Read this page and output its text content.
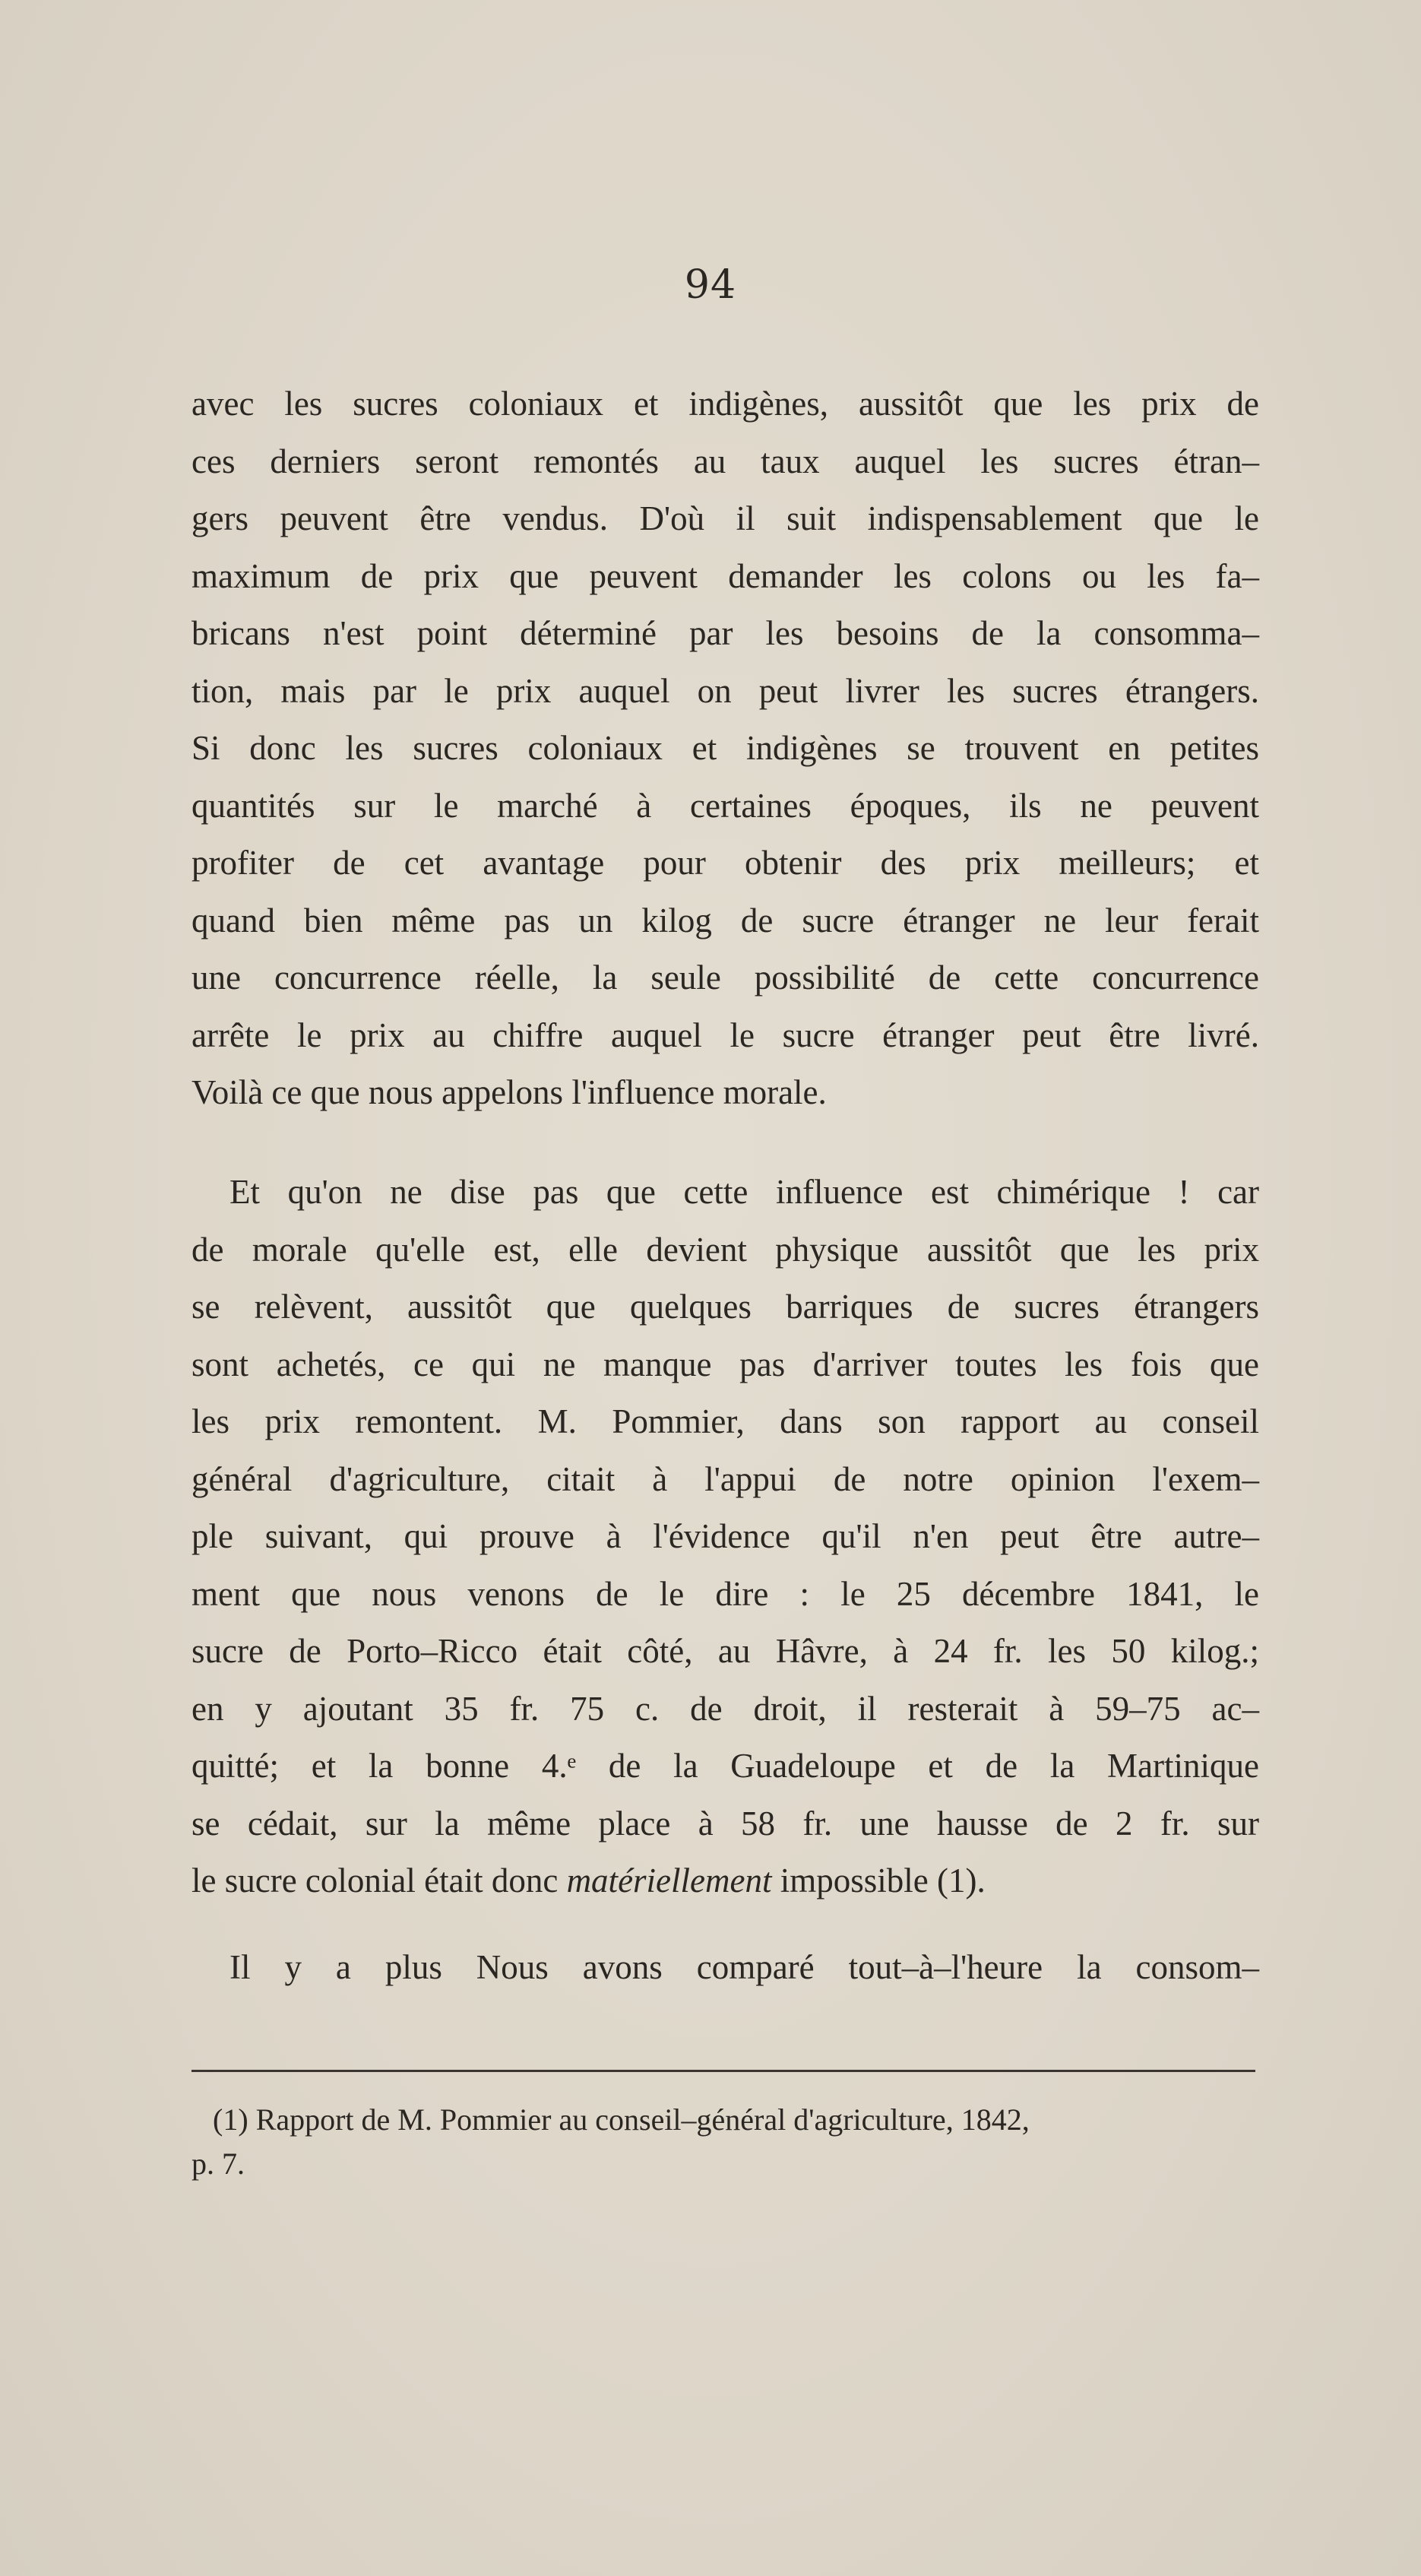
94
avec les sucres coloniaux et indigènes, aussitôt que les prix de
ces derniers seront remontés au taux auquel les sucres étran–
gers peuvent être vendus. D'où il suit indispensablement que le
maximum de prix que peuvent demander les colons ou les fa–
bricans n'est point déterminé par les besoins de la consomma–
tion, mais par le prix auquel on peut livrer les sucres étrangers.
Si donc les sucres coloniaux et indigènes se trouvent en petites
quantités sur le marché à certaines époques, ils ne peuvent
profiter de cet avantage pour obtenir des prix meilleurs; et
quand bien même pas un kilog de sucre étranger ne leur ferait
une concurrence réelle, la seule possibilité de cette concurrence
arrête le prix au chiffre auquel le sucre étranger peut être livré.
Voilà ce que nous appelons l'influence morale.
Et qu'on ne dise pas que cette influence est chimérique ! car
de morale qu'elle est, elle devient physique aussitôt que les prix
se relèvent, aussitôt que quelques barriques de sucres étrangers
sont achetés, ce qui ne manque pas d'arriver toutes les fois que
les prix remontent. M. Pommier, dans son rapport au conseil
général d'agriculture, citait à l'appui de notre opinion l'exem–
ple suivant, qui prouve à l'évidence qu'il n'en peut être autre–
ment que nous venons de le dire : le 25 décembre 1841, le
sucre de Porto–Ricco était côté, au Hâvre, à 24 fr. les 50 kilog.;
en y ajoutant 35 fr. 75 c. de droit, il resterait à 59–75 ac–
quitté; et la bonne 4.ᵉ de la Guadeloupe et de la Martinique
se cédait, sur la même place à 58 fr. une hausse de 2 fr. sur
le sucre colonial était donc matériellement impossible (1).
Il y a plus Nous avons comparé tout–à–l'heure la consom–
(1) Rapport de M. Pommier au conseil–général d'agriculture, 1842,
p. 7.
